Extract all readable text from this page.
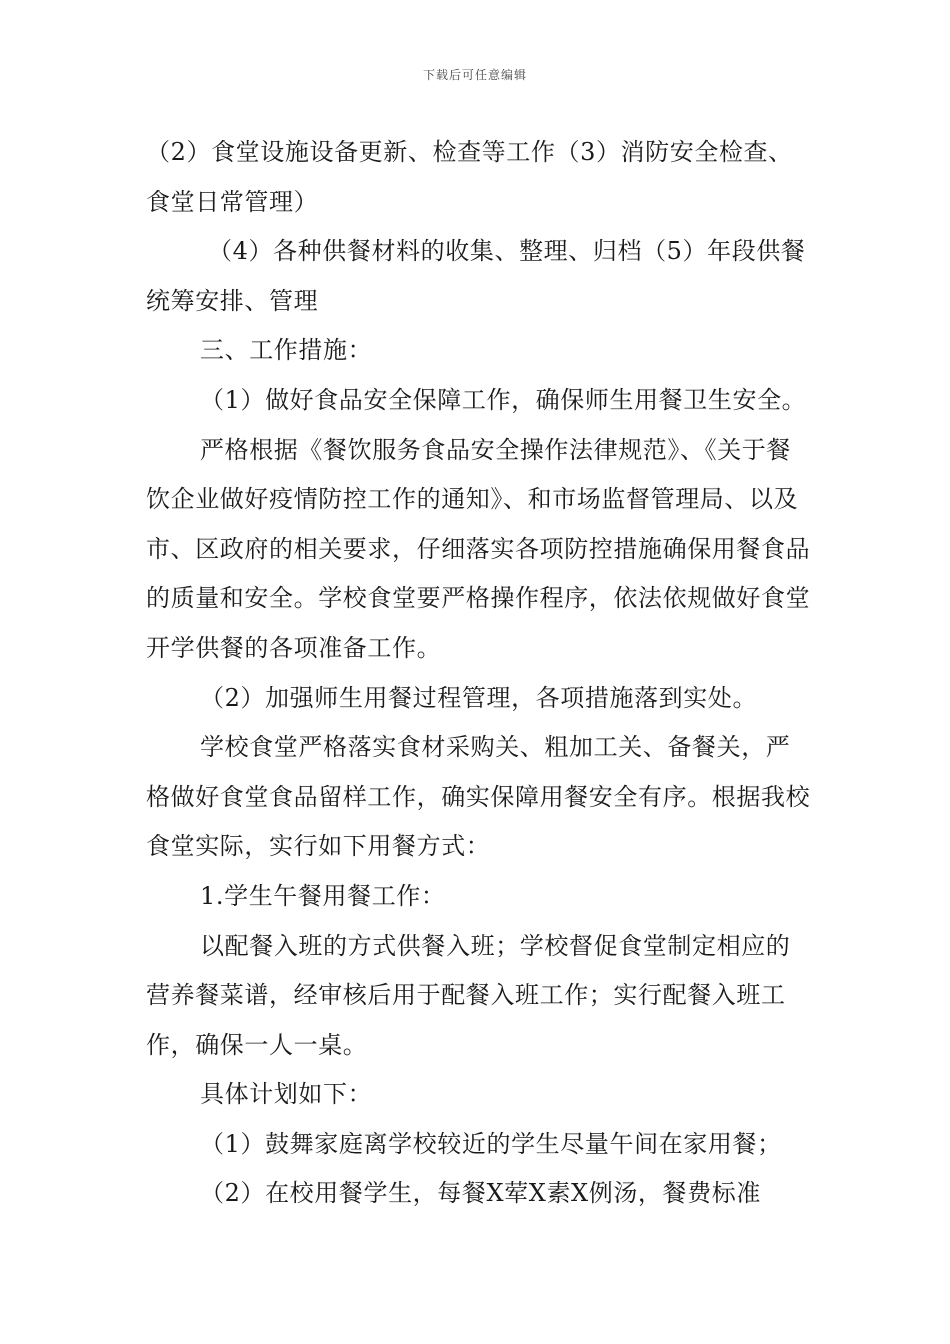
下载后可任意编辑

（2）食堂设施设备更新、检查等工作（3）消防安全检查、食堂日常管理）

（4）各种供餐材料的收集、整理、归档（5）年段供餐统筹安排、管理

三、工作措施：

（1）做好食品安全保障工作，确保师生用餐卫生安全。

严格根据《餐饮服务食品安全操作法律规范》、《关于餐饮企业做好疫情防控工作的通知》、和市场监督管理局、以及市、区政府的相关要求，仔细落实各项防控措施确保用餐食品的质量和安全。学校食堂要严格操作程序，依法依规做好食堂开学供餐的各项准备工作。

（2）加强师生用餐过程管理，各项措施落到实处。

学校食堂严格落实食材采购关、粗加工关、备餐关，严格做好食堂食品留样工作，确实保障用餐安全有序。根据我校食堂实际，实行如下用餐方式：

1.学生午餐用餐工作：

以配餐入班的方式供餐入班；学校督促食堂制定相应的营养餐菜谱，经审核后用于配餐入班工作；实行配餐入班工作，确保一人一桌。

具体计划如下：

（1）鼓舞家庭离学校较近的学生尽量午间在家用餐；

（2）在校用餐学生，每餐X荤X素X例汤，餐费标准
